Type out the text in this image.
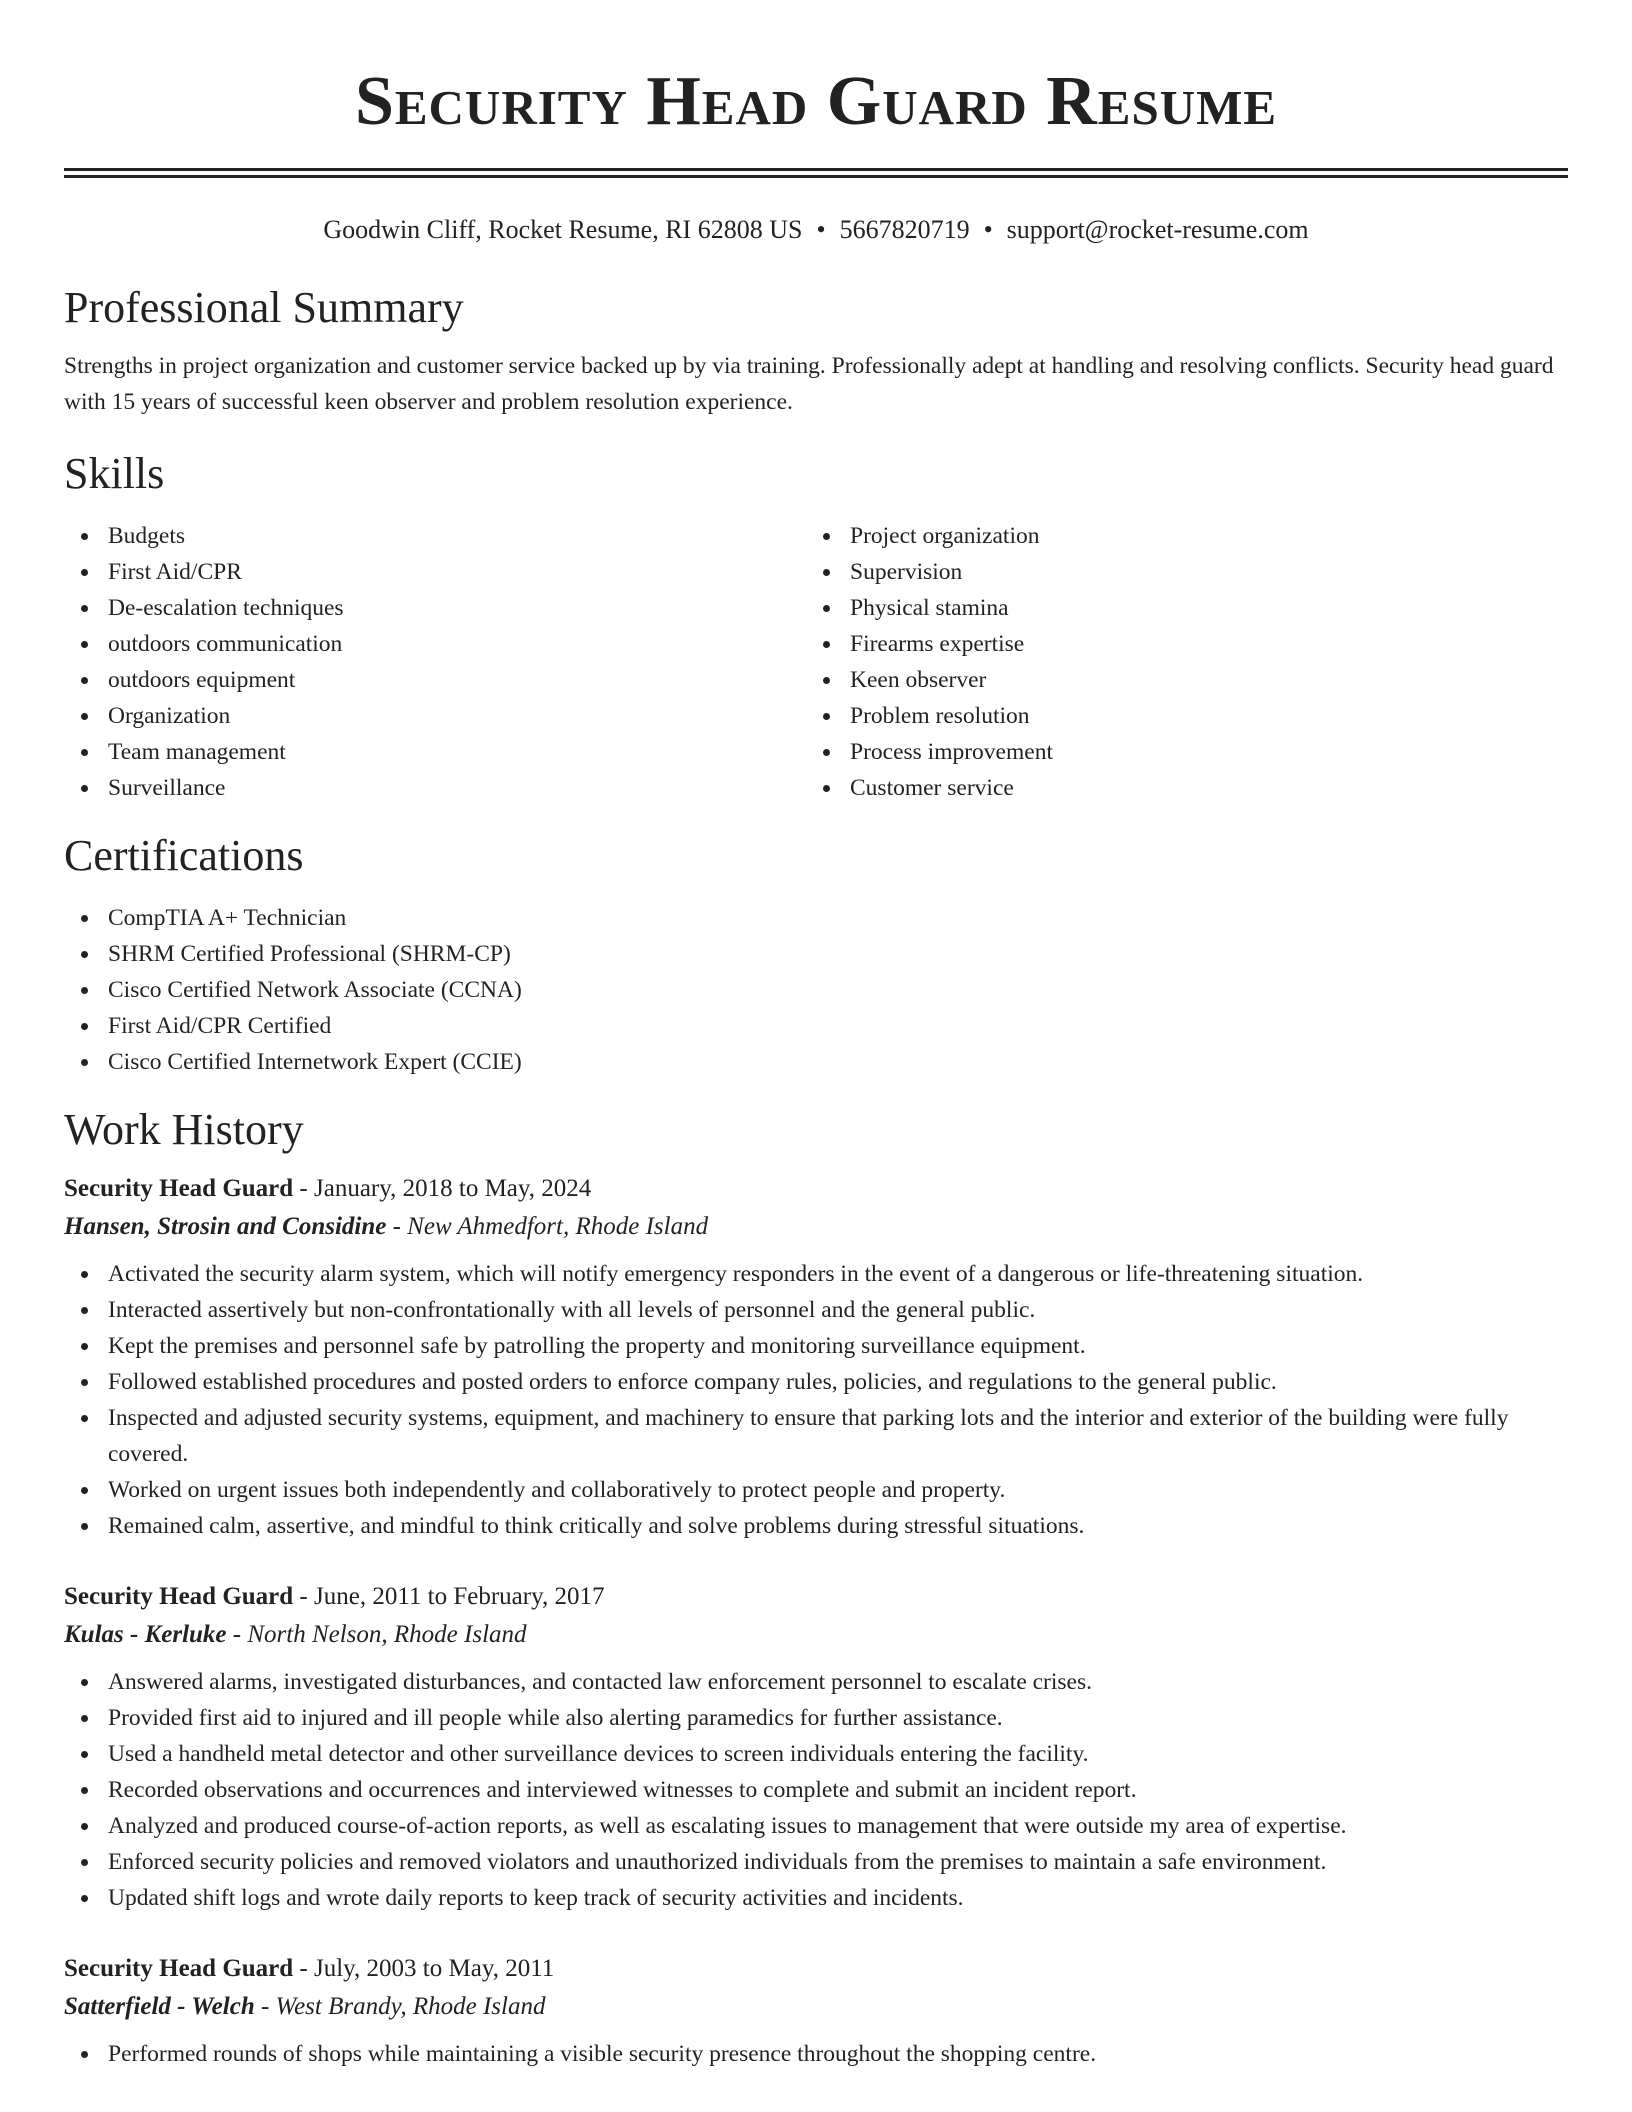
Security Head Guard Resume
Goodwin Cliff, Rocket Resume, RI 62808 US • 5667820719 • support@rocket-resume.com
Professional Summary
Strengths in project organization and customer service backed up by via training. Professionally adept at handling and resolving conflicts. Security head guard with 15 years of successful keen observer and problem resolution experience.
Skills
Budgets
First Aid/CPR
De-escalation techniques
outdoors communication
outdoors equipment
Organization
Team management
Surveillance
Project organization
Supervision
Physical stamina
Firearms expertise
Keen observer
Problem resolution
Process improvement
Customer service
Certifications
CompTIA A+ Technician
SHRM Certified Professional (SHRM-CP)
Cisco Certified Network Associate (CCNA)
First Aid/CPR Certified
Cisco Certified Internetwork Expert (CCIE)
Work History
Security Head Guard - January, 2018 to May, 2024
Hansen, Strosin and Considine - New Ahmedfort, Rhode Island
Activated the security alarm system, which will notify emergency responders in the event of a dangerous or life-threatening situation.
Interacted assertively but non-confrontationally with all levels of personnel and the general public.
Kept the premises and personnel safe by patrolling the property and monitoring surveillance equipment.
Followed established procedures and posted orders to enforce company rules, policies, and regulations to the general public.
Inspected and adjusted security systems, equipment, and machinery to ensure that parking lots and the interior and exterior of the building were fully covered.
Worked on urgent issues both independently and collaboratively to protect people and property.
Remained calm, assertive, and mindful to think critically and solve problems during stressful situations.
Security Head Guard - June, 2011 to February, 2017
Kulas - Kerluke - North Nelson, Rhode Island
Answered alarms, investigated disturbances, and contacted law enforcement personnel to escalate crises.
Provided first aid to injured and ill people while also alerting paramedics for further assistance.
Used a handheld metal detector and other surveillance devices to screen individuals entering the facility.
Recorded observations and occurrences and interviewed witnesses to complete and submit an incident report.
Analyzed and produced course-of-action reports, as well as escalating issues to management that were outside my area of expertise.
Enforced security policies and removed violators and unauthorized individuals from the premises to maintain a safe environment.
Updated shift logs and wrote daily reports to keep track of security activities and incidents.
Security Head Guard - July, 2003 to May, 2011
Satterfield - Welch - West Brandy, Rhode Island
Performed rounds of shops while maintaining a visible security presence throughout the shopping centre.
